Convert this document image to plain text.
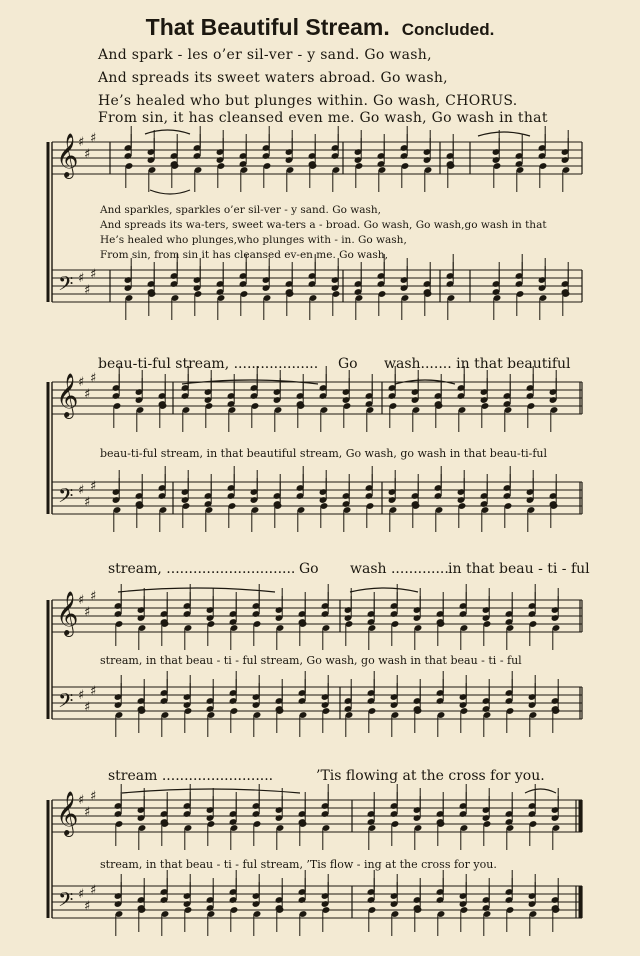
That Beautiful Stream. Concluded.
And spark - les o’er sil-ver - y sand. Go wash,
And spreads its sweet waters abroad. Go wash,
He’s healed who but plunges within. Go wash, CHORUS.
From sin, it has cleansed even me. Go wash, Go wash in that
𝄞
𝄢
♯
♯
♯
♯
♯
♯
𝄞
𝄢
♯
♯
♯
♯
♯
♯
𝄞
𝄢
♯
♯
♯
♯
♯
♯
𝄞
𝄢
♯
♯
♯
♯
♯
♯
And sparkles, sparkles o’er sil-ver - y sand. Go wash,
And spreads its wa-ters, sweet wa-ters a - broad. Go wash, Go wash,go wash in that
He’s healed who plunges,who plunges with - in. Go wash,
From sin, from sin it has cleansed ev-en me. Go wash,
beau-ti-ful stream, ................... Go wash....... in that beautiful
beau-ti-ful stream, in that beautiful stream, Go wash, go wash in that beau-ti-ful
stream, ............................. Go wash ............. in that beau - ti - ful
stream, in that beau - ti - ful stream, Go wash, go wash in that beau - ti - ful
stream .........................	’Tis flowing at the cross for you.
stream, in that beau - ti - ful stream, ’Tis flow - ing at the cross for you.
